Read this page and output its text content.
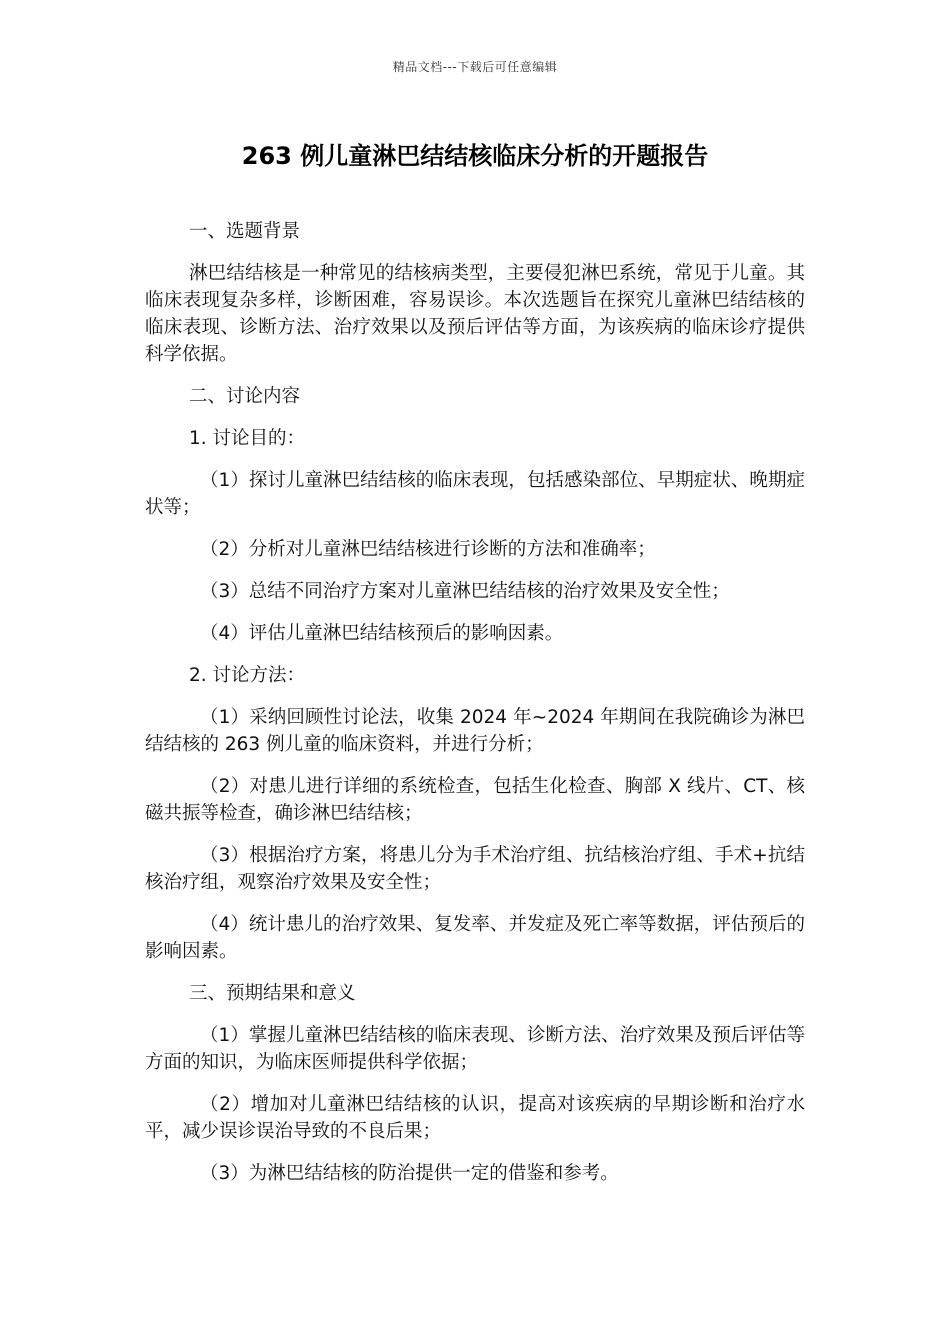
精品文档---下载后可任意编辑
263 例儿童淋巴结结核临床分析的开题报告

一、选题背景

淋巴结结核是一种常见的结核病类型，主要侵犯淋巴系统，常见于儿童。其临床表现复杂多样，诊断困难，容易误诊。本次选题旨在探究儿童淋巴结结核的临床表现、诊断方法、治疗效果以及预后评估等方面，为该疾病的临床诊疗提供科学依据。

二、讨论内容

1. 讨论目的：

（1）探讨儿童淋巴结结核的临床表现，包括感染部位、早期症状、晚期症状等；

（2）分析对儿童淋巴结结核进行诊断的方法和准确率；

（3）总结不同治疗方案对儿童淋巴结结核的治疗效果及安全性；

（4）评估儿童淋巴结结核预后的影响因素。

2. 讨论方法：

（1）采纳回顾性讨论法，收集 2024 年~2024 年期间在我院确诊为淋巴结结核的 263 例儿童的临床资料，并进行分析；

（2）对患儿进行详细的系统检查，包括生化检查、胸部 X 线片、CT、核磁共振等检查，确诊淋巴结结核；

（3）根据治疗方案，将患儿分为手术治疗组、抗结核治疗组、手术+抗结核治疗组，观察治疗效果及安全性；

（4）统计患儿的治疗效果、复发率、并发症及死亡率等数据，评估预后的影响因素。

三、预期结果和意义

（1）掌握儿童淋巴结结核的临床表现、诊断方法、治疗效果及预后评估等方面的知识，为临床医师提供科学依据；

（2）增加对儿童淋巴结结核的认识，提高对该疾病的早期诊断和治疗水平，减少误诊误治导致的不良后果；

（3）为淋巴结结核的防治提供一定的借鉴和参考。
